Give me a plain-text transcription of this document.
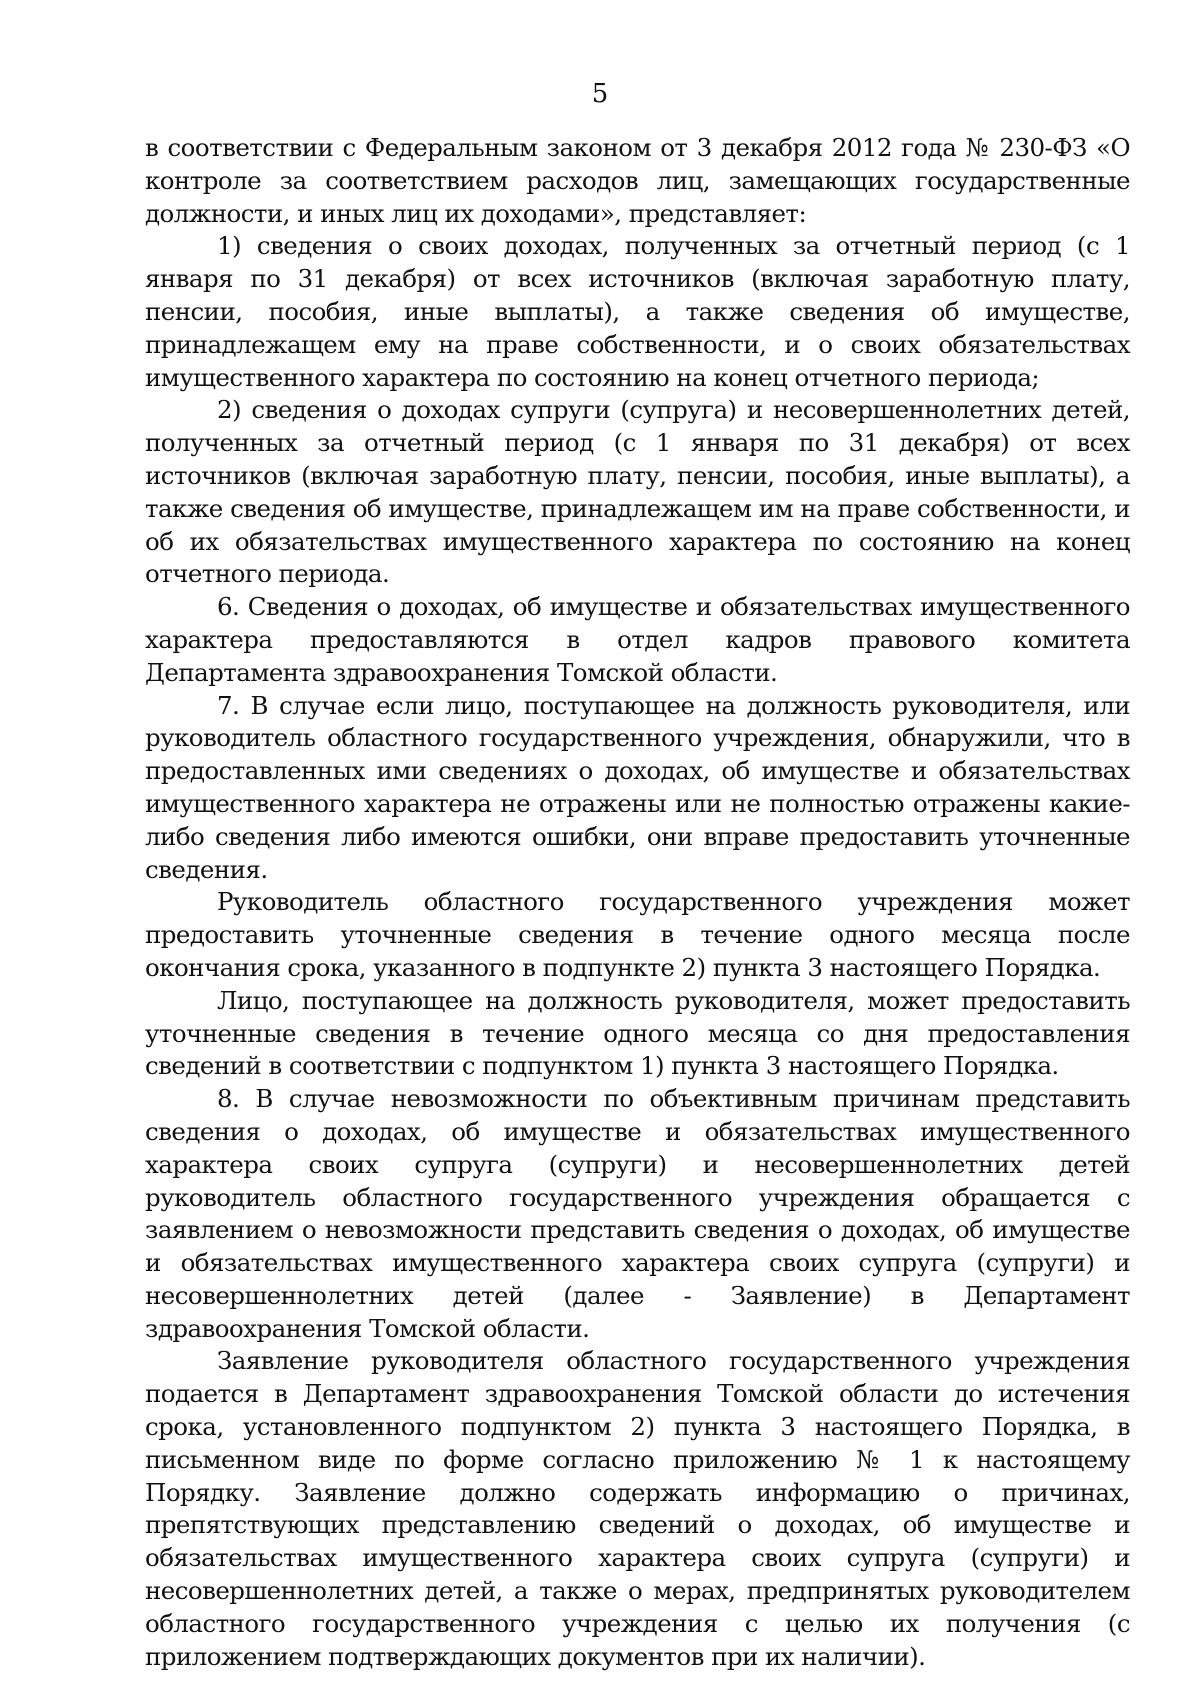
5

в соответствии с Федеральным законом от 3 декабря 2012 года № 230-ФЗ «О контроле за соответствием расходов лиц, замещающих государственные должности, и иных лиц их доходами», представляет:

1) сведения о своих доходах, полученных за отчетный период (с 1 января по 31 декабря) от всех источников (включая заработную плату, пенсии, пособия, иные выплаты), а также сведения об имуществе, принадлежащем ему на праве собственности, и о своих обязательствах имущественного характера по состоянию на конец отчетного периода;

2) сведения о доходах супруги (супруга) и несовершеннолетних детей, полученных за отчетный период (с 1 января по 31 декабря) от всех источников (включая заработную плату, пенсии, пособия, иные выплаты), а также сведения об имуществе, принадлежащем им на праве собственности, и об их обязательствах имущественного характера по состоянию на конец отчетного периода.

6. Сведения о доходах, об имуществе и обязательствах имущественного характера предоставляются в отдел кадров правового комитета Департамента здравоохранения Томской области.

7. В случае если лицо, поступающее на должность руководителя, или руководитель областного государственного учреждения, обнаружили, что в предоставленных ими сведениях о доходах, об имуществе и обязательствах имущественного характера не отражены или не полностью отражены какие-либо сведения либо имеются ошибки, они вправе предоставить уточненные сведения.

Руководитель областного государственного учреждения может предоставить уточненные сведения в течение одного месяца после окончания срока, указанного в подпункте 2) пункта 3 настоящего Порядка.

Лицо, поступающее на должность руководителя, может предоставить уточненные сведения в течение одного месяца со дня предоставления сведений в соответствии с подпунктом 1) пункта 3 настоящего Порядка.

8. В случае невозможности по объективным причинам представить сведения о доходах, об имуществе и обязательствах имущественного характера своих супруга (супруги) и несовершеннолетних детей руководитель областного государственного учреждения обращается с заявлением о невозможности представить сведения о доходах, об имуществе и обязательствах имущественного характера своих супруга (супруги) и несовершеннолетних детей (далее - Заявление) в Департамент здравоохранения Томской области.

Заявление руководителя областного государственного учреждения подается в Департамент здравоохранения Томской области до истечения срока, установленного подпунктом 2) пункта 3 настоящего Порядка, в письменном виде по форме согласно приложению № 1 к настоящему Порядку. Заявление должно содержать информацию о причинах, препятствующих представлению сведений о доходах, об имуществе и обязательствах имущественного характера своих супруга (супруги) и несовершеннолетних детей, а также о мерах, предпринятых руководителем областного государственного учреждения с целью их получения (с приложением подтверждающих документов при их наличии).
